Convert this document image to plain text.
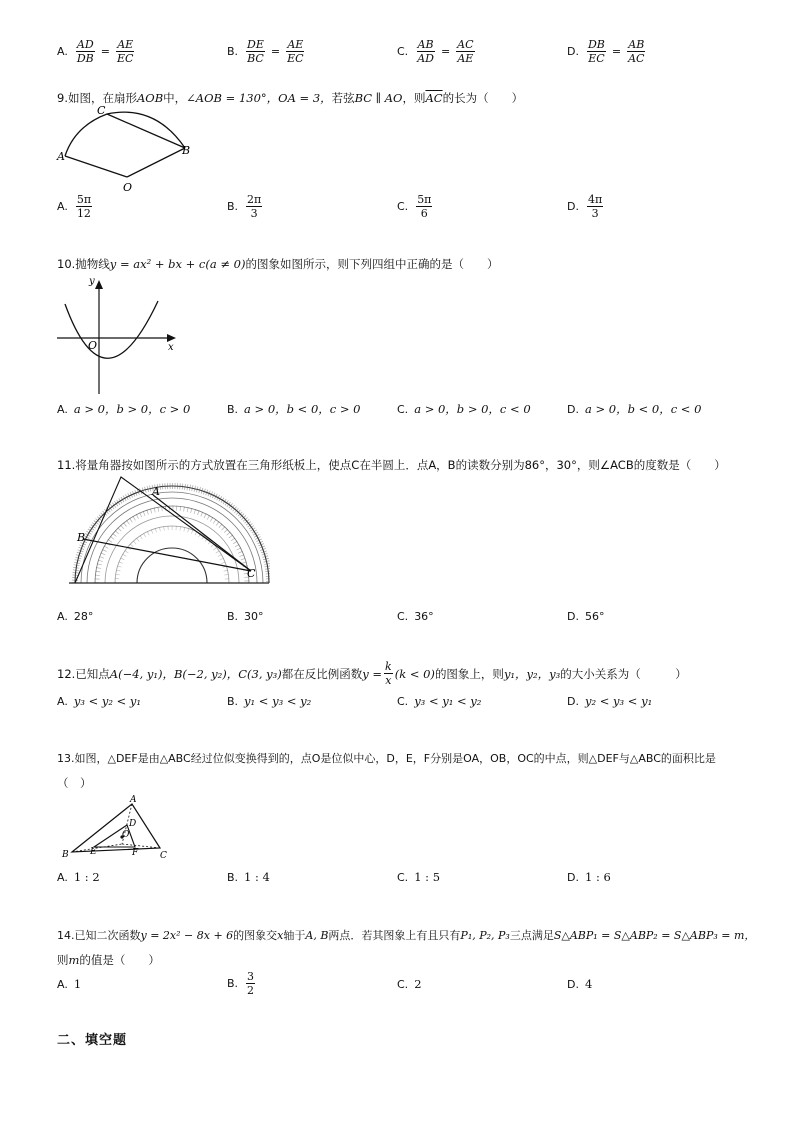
A. $\frac{AD}{DB} = \frac{AE}{EC}$	B. $\frac{DE}{BC} = \frac{AE}{EC}$	C. $\frac{AB}{AD} = \frac{AC}{AE}$	D. $\frac{DB}{EC} = \frac{AB}{AC}$
9.如图，在扇形AOB中，∠AOB = 130°，OA = 3，若弦BC ∥ AO，则$\overline{AC}$的长为（　　）
C
B
A
O
A. $\frac{5\pi}{12}$	B. $\frac{2\pi}{3}$	C. $\frac{5\pi}{6}$	D. $\frac{4\pi}{3}$
10.抛物线y = ax² + bx + c(a ≠ 0)的图象如图所示，则下列四组中正确的是（　　）
y
x
O
A. a > 0，b > 0，c > 0	B. a > 0，b < 0，c > 0	C. a > 0，b > 0，c < 0	D. a > 0，b < 0，c < 0
11.将量角器按如图所示的方式放置在三角形纸板上，使点C在半圆上．点A，B的读数分别为86°，30°，则∠ACB的度数是（　　）
A
B
C
A. 28°	B. 30°	C. 36°	D. 56°
12.已知点 A(−4, y₁)，B(−2, y₂)，C(3, y₃) 都在反比例函数 $y = \frac{k}{x} (k < 0)$ 的图象上，则 y₁，y₂，y₃ 的大小关系为（　　　）
A. y₃ < y₂ < y₁	B. y₁ < y₃ < y₂	C. y₃ < y₁ < y₂	D. y₂ < y₃ < y₁
13.如图，△DEF是由△ABC经过位似变换得到的，点O是位似中心，D，E，F分别是OA，OB，OC的中点，则△DEF与△ABC的面积比是
（　）
A
D
O
B E	F C
A. 1 : 2	B. 1 : 4	C. 1 : 5	D. 1 : 6
14.已知二次函数y = 2x² − 8x + 6的图象交x轴于A, B两点．若其图象上有且只有P₁, P₂, P₃三点满足S△ABP₁ = S△ABP₂ = S△ABP₃ = m，
则m的值是（　　）
A. 1	B. $\frac{3}{2}$	C. 2	D. 4
二、填空题
